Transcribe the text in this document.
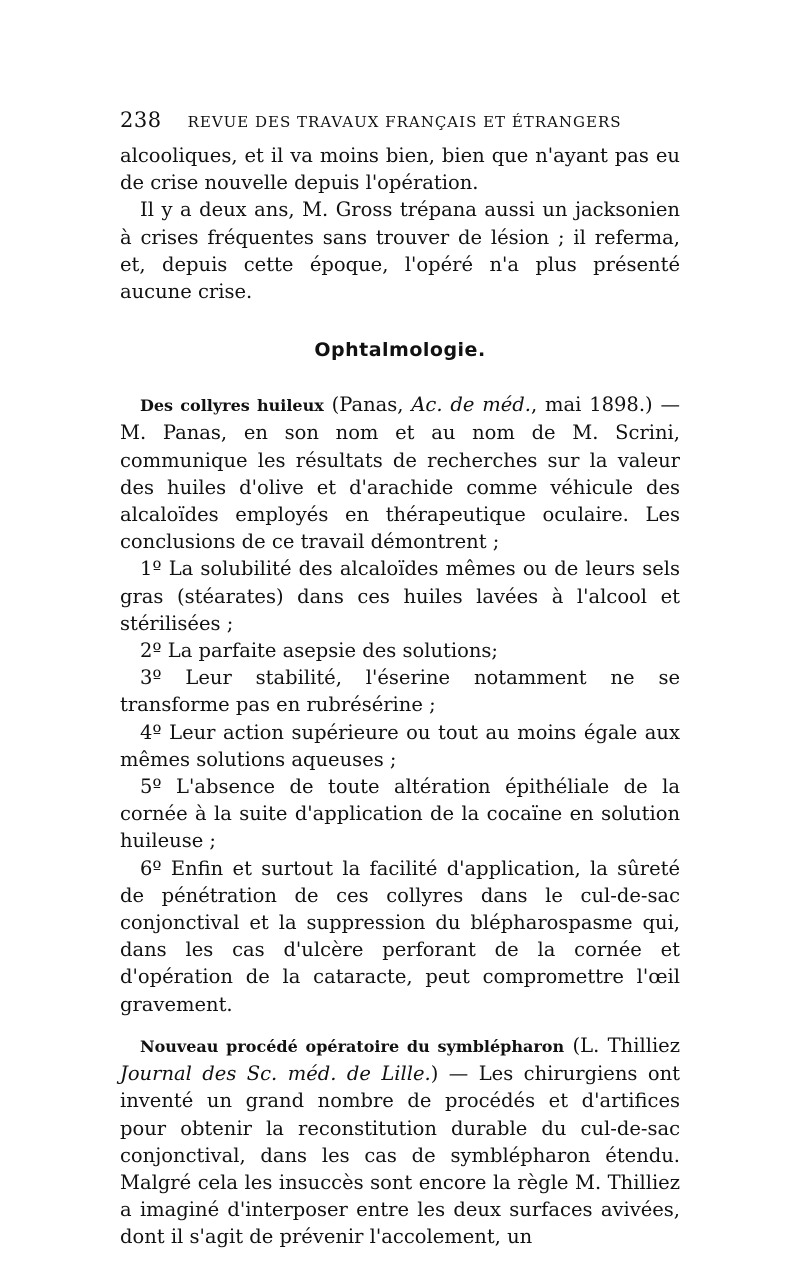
238 REVUE DES TRAVAUX FRANÇAIS ET ÉTRANGERS

alcooliques, et il va moins bien, bien que n'ayant pas eu de crise nouvelle depuis l'opération.

Il y a deux ans, M. Gross trépana aussi un jacksonien à crises fréquentes sans trouver de lésion ; il referma, et, depuis cette époque, l'opéré n'a plus présenté aucune crise.

Ophtalmologie.

Des collyres huileux (Panas, Ac. de méd., mai 1898.) — M. Panas, en son nom et au nom de M. Scrini, communique les résultats de recherches sur la valeur des huiles d'olive et d'arachide comme véhicule des alcaloïdes employés en thérapeutique oculaire. Les conclusions de ce travail démontrent ;

1º La solubilité des alcaloïdes mêmes ou de leurs sels gras (stéarates) dans ces huiles lavées à l'alcool et stérilisées ;

2º La parfaite asepsie des solutions;

3º Leur stabilité, l'éserine notamment ne se transforme pas en rubrésérine ;

4º Leur action supérieure ou tout au moins égale aux mêmes solutions aqueuses ;

5º L'absence de toute altération épithéliale de la cornée à la suite d'application de la cocaïne en solution huileuse ;

6º Enfin et surtout la facilité d'application, la sûreté de pénétration de ces collyres dans le cul-de-sac conjonctival et la suppression du blépharospasme qui, dans les cas d'ulcère perforant de la cornée et d'opération de la cataracte, peut compromettre l'œil gravement.

Nouveau procédé opératoire du symblépharon (L. Thilliez Journal des Sc. méd. de Lille.) — Les chirurgiens ont inventé un grand nombre de procédés et d'artifices pour obtenir la reconstitution durable du cul-de-sac conjonctival, dans les cas de symblépharon étendu. Malgré cela les insuccès sont encore la règle M. Thilliez a imaginé d'interposer entre les deux surfaces avivées, dont il s'agit de prévenir l'accolement, un
